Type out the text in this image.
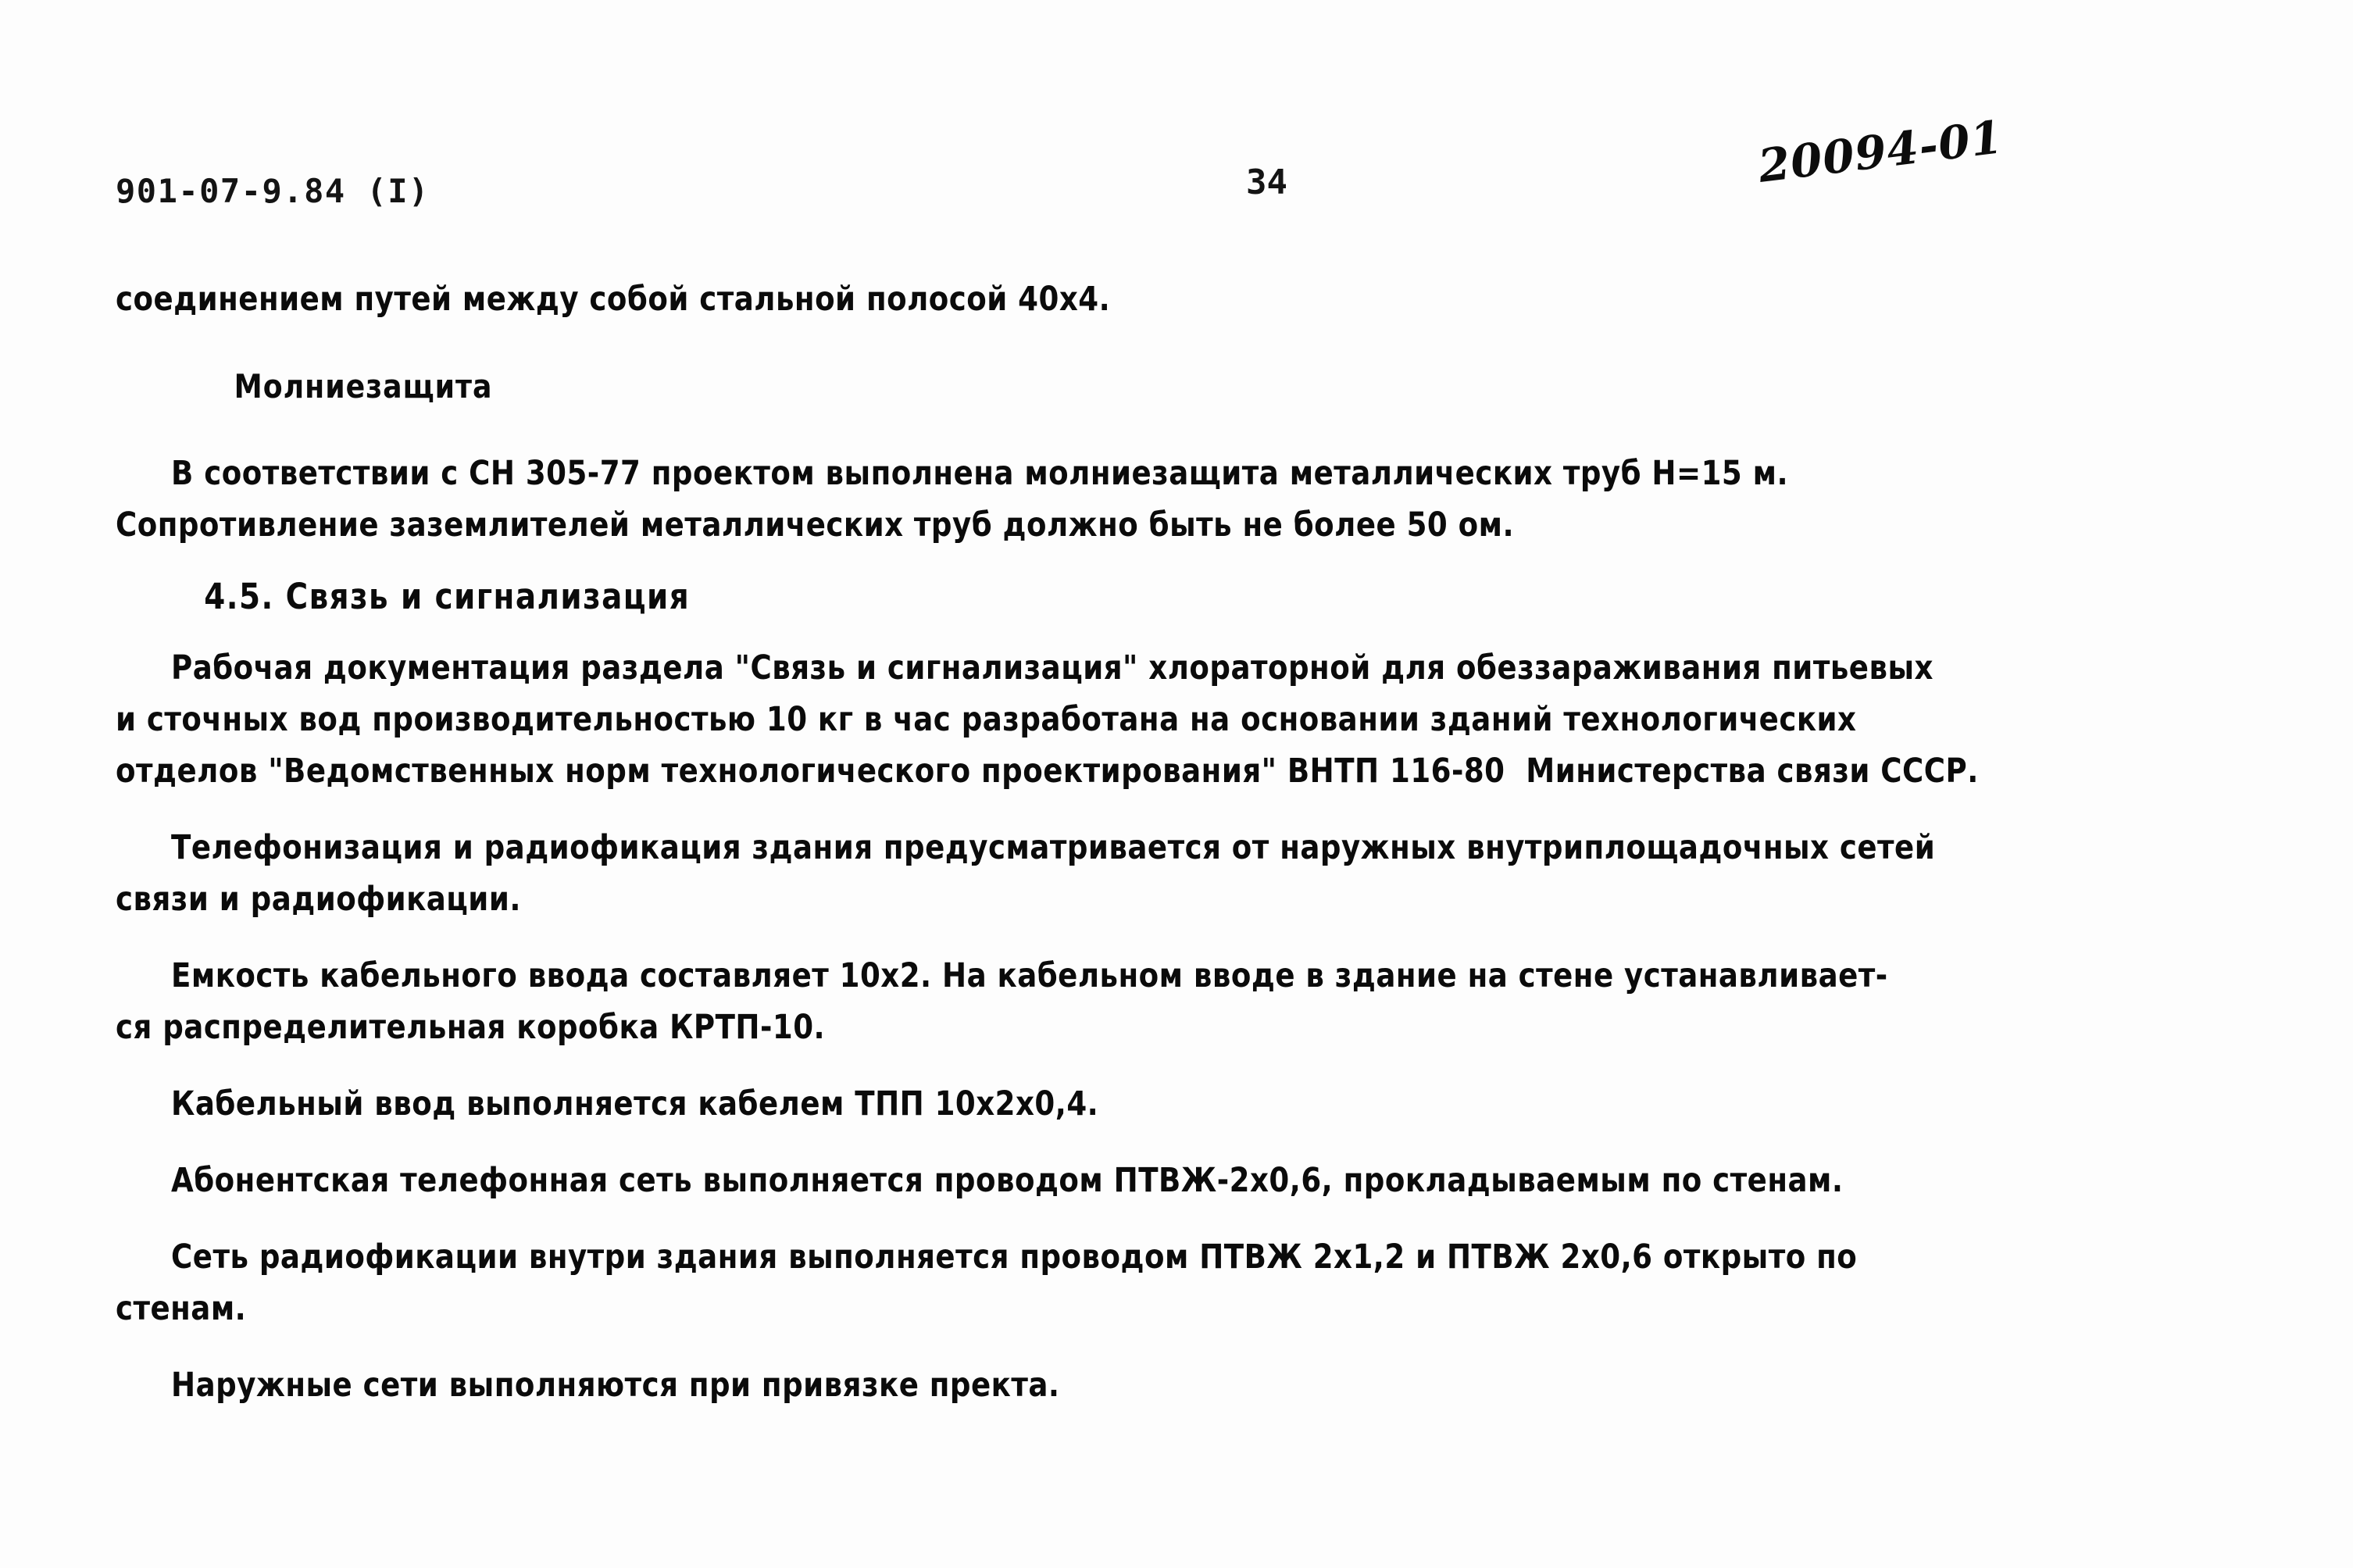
901-07-9.84 (I)	34	20094-01
соединением путей между собой стальной полосой 40х4.
Молниезащита
В соответствии с СН 305-77 проектом выполнена молниезащита металлических труб H=15 м.
Сопротивление заземлителей металлических труб должно быть не более 50 ом.
4.5. Связь и сигнализация
Рабочая документация раздела "Связь и сигнализация" хлораторной для обеззараживания питьевых
и сточных вод производительностью 10 кг в час разработана на основании зданий технологических
отделов "Ведомственных норм технологического проектирования" ВНТП 116-80  Министерства связи СССР.
Телефонизация и радиофикация здания предусматривается от наружных внутриплощадочных сетей
связи и радиофикации.
Емкость кабельного ввода составляет 10х2. На кабельном вводе в здание на стене устанавливает-
ся распределительная коробка КРТП-10.
Кабельный ввод выполняется кабелем ТПП 10х2х0,4.
Абонентская телефонная сеть выполняется проводом ПТВЖ-2х0,6, прокладываемым по стенам.
Сеть радиофикации внутри здания выполняется проводом ПТВЖ 2х1,2 и ПТВЖ 2х0,6 открыто по
стенам.
Наружные сети выполняются при привязке пректа.
